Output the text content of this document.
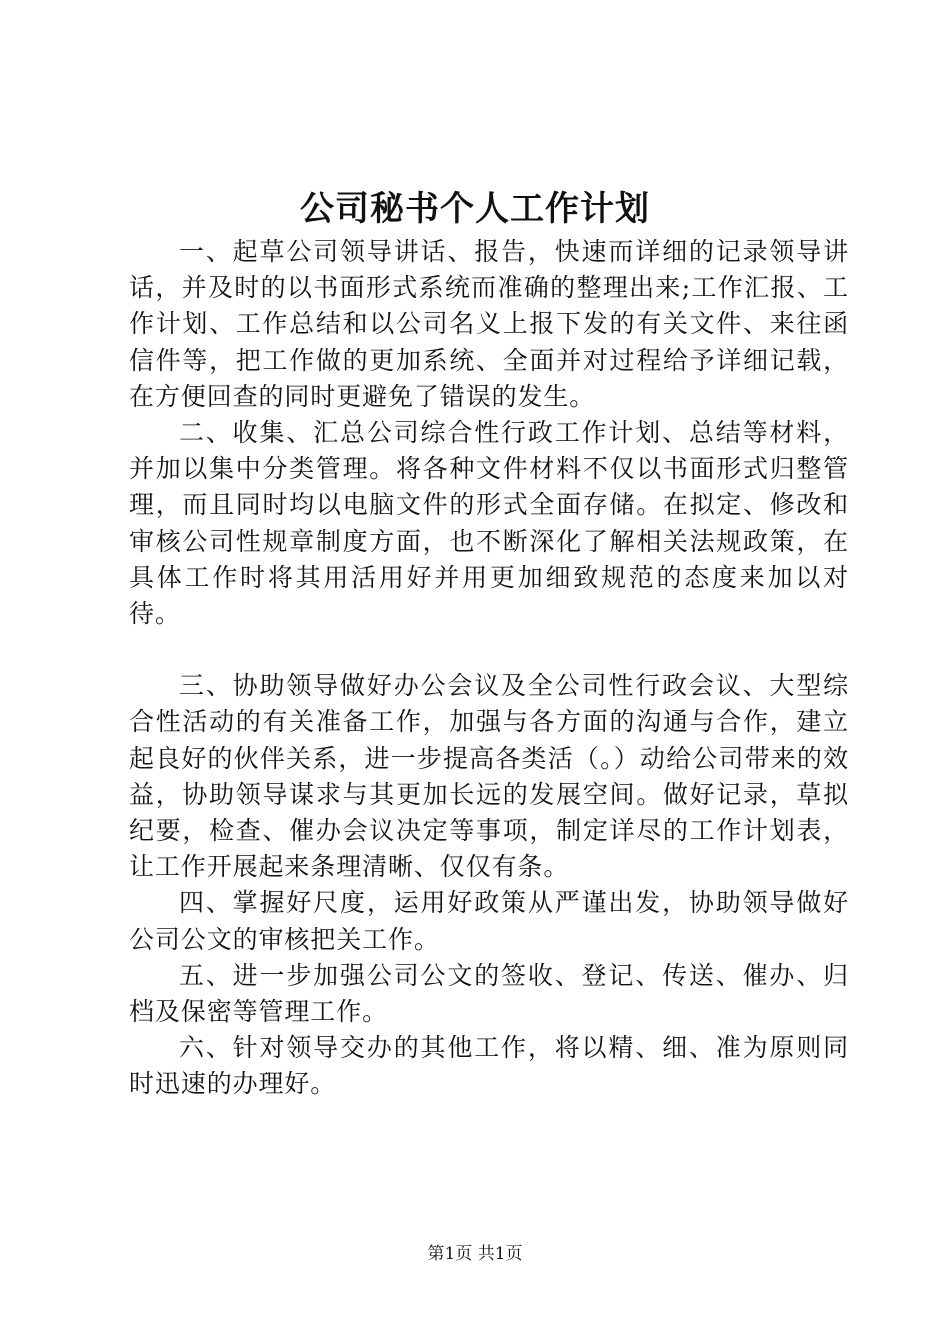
公司秘书个人工作计划

一、起草公司领导讲话、报告，快速而详细的记录领导讲话，并及时的以书面形式系统而准确的整理出来;工作汇报、工作计划、工作总结和以公司名义上报下发的有关文件、来往函信件等，把工作做的更加系统、全面并对过程给予详细记载，在方便回查的同时更避免了错误的发生。

二、收集、汇总公司综合性行政工作计划、总结等材料，并加以集中分类管理。将各种文件材料不仅以书面形式归整管理，而且同时均以电脑文件的形式全面存储。在拟定、修改和审核公司性规章制度方面，也不断深化了解相关法规政策，在具体工作时将其用活用好并用更加细致规范的态度来加以对待。

三、协助领导做好办公会议及全公司性行政会议、大型综合性活动的有关准备工作，加强与各方面的沟通与合作，建立起良好的伙伴关系，进一步提高各类活（。）动给公司带来的效益，协助领导谋求与其更加长远的发展空间。做好记录，草拟纪要，检查、催办会议决定等事项，制定详尽的工作计划表，让工作开展起来条理清晰、仅仅有条。

四、掌握好尺度，运用好政策从严谨出发，协助领导做好公司公文的审核把关工作。

五、进一步加强公司公文的签收、登记、传送、催办、归档及保密等管理工作。

六、针对领导交办的其他工作，将以精、细、准为原则同时迅速的办理好。

第1页 共1页
